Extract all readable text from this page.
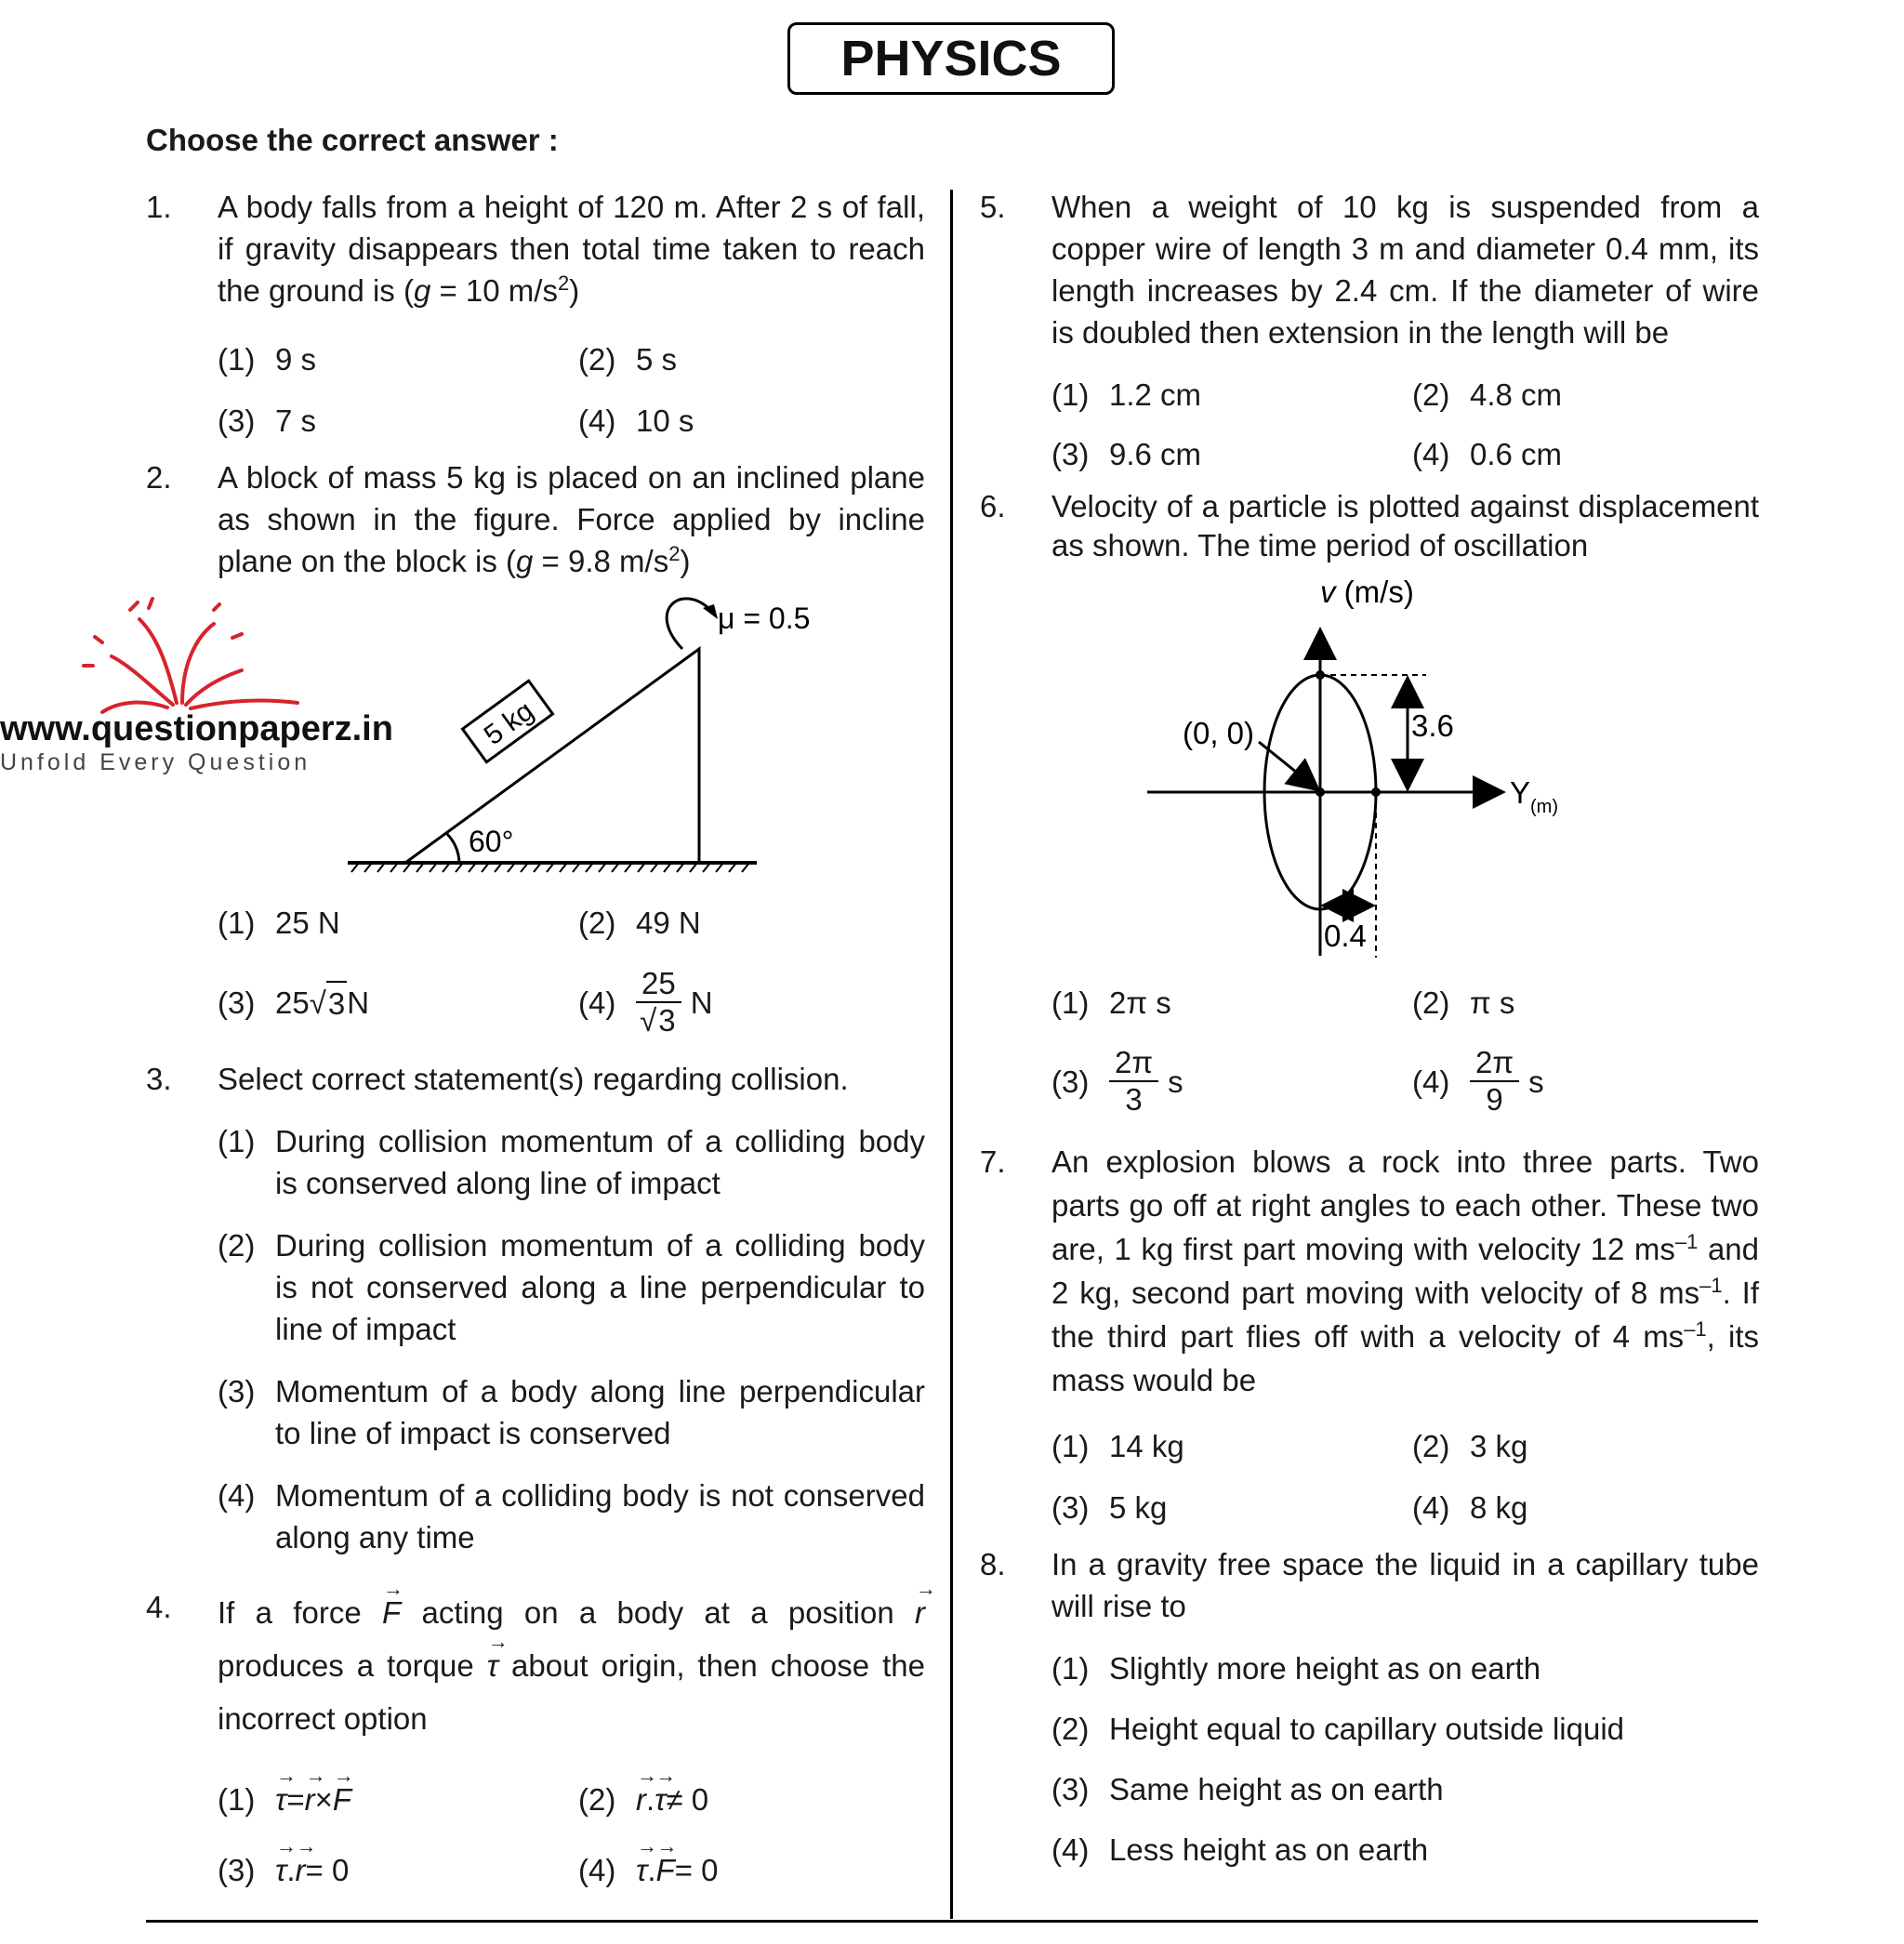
PHYSICS
Choose the correct answer :
1.	A body falls from a height of 120 m. After 2 s of fall, if gravity disappears then total time taken to reach the ground is (g = 10 $m/s^2$)
(1) 9 s	(2) 5 s
(3) 7 s	(4) 10 s
2.	A block of mass 5 kg is placed on an inclined plane as shown in the figure. Force applied by incline plane on the block is (g = 9.8 $m/s^2$)
5 kg
μ = 0.5
60°
www.questionpaperz.in
Unfold Every Question
(1) 25 N	(2) 49 N
(3) 25 √ 3 N	$(4) \frac{25}{√3}$ N
3.	Select correct statement(s) regarding collision.
(1) During collision momentum of a colliding body is conserved along line of impact
(2) During collision momentum of a colliding body is not conserved along a line perpendicular to line of impact
(3) Momentum of a body along line perpendicular to line of impact is conserved
(4) Momentum of a colliding body is not conserved along any time
4.	If a force → F acting on a body at a position → r produces a torque → τ about origin, then choose the incorrect option
(1) → τ = → r × → F	(2) → r . → τ ≠ 0
(3) → τ . → r = 0	(4) → τ . → F = 0
5.	When a weight of 10 kg is suspended from a copper wire of length 3 m and diameter 0.4 mm, its length increases by 2.4 cm. If the diameter of wire is doubled then extension in the length will be
(1) 1.2 cm	(2) 4.8 cm
(3) 9.6 cm	(4) 0.6 cm
6.	Velocity of a particle is plotted against displacement as shown. The time period of oscillation
v (m/s)
$Y_{(m)}$
(0, 0)	3.6
0.4
(1) 2π s	(2) π s
$(3) \frac{2\pi}{3}$ s	$(4) \frac{2\pi}{9}$ s
7.	An explosion blows a rock into three parts. Two parts go off at right angles to each other. These two are, 1 kg first part moving with velocity 12 $ms^{-1}$ and 2 kg, second part moving with velocity of 8 $ms^{-1}$. If the third part flies off with a velocity of 4 $ms^{-1}$, its mass would be
(1) 14 kg	(2) 3 kg
(3) 5 kg	(4) 8 kg
8.	In a gravity free space the liquid in a capillary tube will rise to
(1) Slightly more height as on earth
(2) Height equal to capillary outside liquid
(3) Same height as on earth
(4) Less height as on earth
